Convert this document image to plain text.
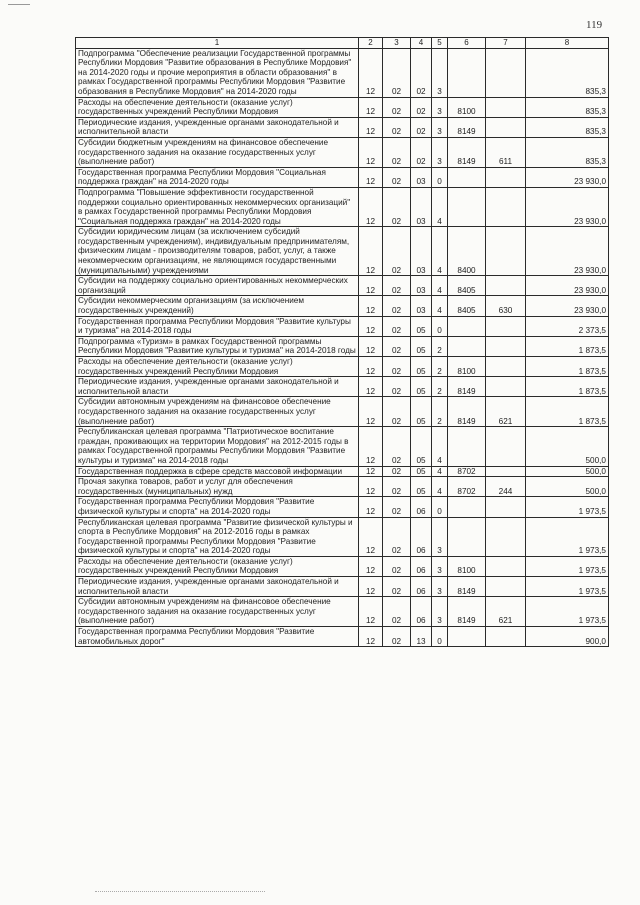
119
1	2	3	4	5	6	7	8
Подпрограмма "Обеспечение реализации Государственной программы Республики Мордовия "Развитие образования в Республике Мордовия" на 2014-2020 годы и прочие мероприятия в области образования" в рамках Государственной программы Республики Мордовия "Развитие образования в Республике Мордовия" на 2014-2020 годы	12	02	02	3			835,3
Расходы на обеспечение деятельности (оказание услуг) государственных учреждений Республики Мордовия	12	02	02	3	8100		835,3
Периодические издания, учрежденные органами законодательной и исполнительной власти	12	02	02	3	8149		835,3
Субсидии бюджетным учреждениям на финансовое обеспечение государственного задания на оказание государственных услуг (выполнение работ)	12	02	02	3	8149	611	835,3
Государственная программа Республики Мордовия "Социальная поддержка граждан" на 2014-2020 годы	12	02	03	0			23 930,0
Подпрограмма "Повышение эффективности государственной поддержки социально ориентированных некоммерческих организаций" в рамках Государственной программы Республики Мордовия "Социальная поддержка граждан" на 2014-2020 годы	12	02	03	4			23 930,0
Субсидии юридическим лицам (за исключением субсидий государственным учреждениям), индивидуальным предпринимателям, физическим лицам - производителям товаров, работ, услуг, а также некоммерческим организациям, не являющимся государственными (муниципальными) учреждениями	12	02	03	4	8400		23 930,0
Субсидии на поддержку социально ориентированных некоммерческих организаций	12	02	03	4	8405		23 930,0
Субсидии некоммерческим организациям (за исключением государственных учреждений)	12	02	03	4	8405	630	23 930,0
Государственная программа Республики Мордовия "Развитие культуры и туризма" на 2014-2018 годы	12	02	05	0			2 373,5
Подпрограмма «Туризм» в рамках Государственной программы Республики Мордовия "Развитие культуры и туризма" на 2014-2018 годы	12	02	05	2			1 873,5
Расходы на обеспечение деятельности (оказание услуг) государственных учреждений Республики Мордовия	12	02	05	2	8100		1 873,5
Периодические издания, учрежденные органами законодательной и исполнительной власти	12	02	05	2	8149		1 873,5
Субсидии автономным учреждениям на финансовое обеспечение государственного задания на оказание государственных услуг (выполнение работ)	12	02	05	2	8149	621	1 873,5
Республиканская целевая программа "Патриотическое воспитание граждан, проживающих на территории Мордовия" на 2012-2015 годы в рамках Государственной программы Республики Мордовия "Развитие культуры и туризма" на 2014-2018 годы	12	02	05	4			500,0
Государственная поддержка в сфере средств массовой информации	12	02	05	4	8702		500,0
Прочая закупка товаров, работ и услуг для обеспечения государственных (муниципальных) нужд	12	02	05	4	8702	244	500,0
Государственная программа Республики Мордовия "Развитие физической культуры и спорта" на 2014-2020 годы	12	02	06	0			1 973,5
Республиканская целевая программа "Развитие физической культуры и спорта в Республике Мордовия" на 2012-2016 годы в рамках Государственной программы Республики Мордовия "Развитие физической культуры и спорта" на 2014-2020 годы	12	02	06	3			1 973,5
Расходы на обеспечение деятельности (оказание услуг) государственных учреждений Республики Мордовия	12	02	06	3	8100		1 973,5
Периодические издания, учрежденные органами законодательной и исполнительной власти	12	02	06	3	8149		1 973,5
Субсидии автономным учреждениям на финансовое обеспечение государственного задания на оказание государственных услуг (выполнение работ)	12	02	06	3	8149	621	1 973,5
Государственная программа Республики Мордовия "Развитие автомобильных дорог"	12	02	13	0			900,0
